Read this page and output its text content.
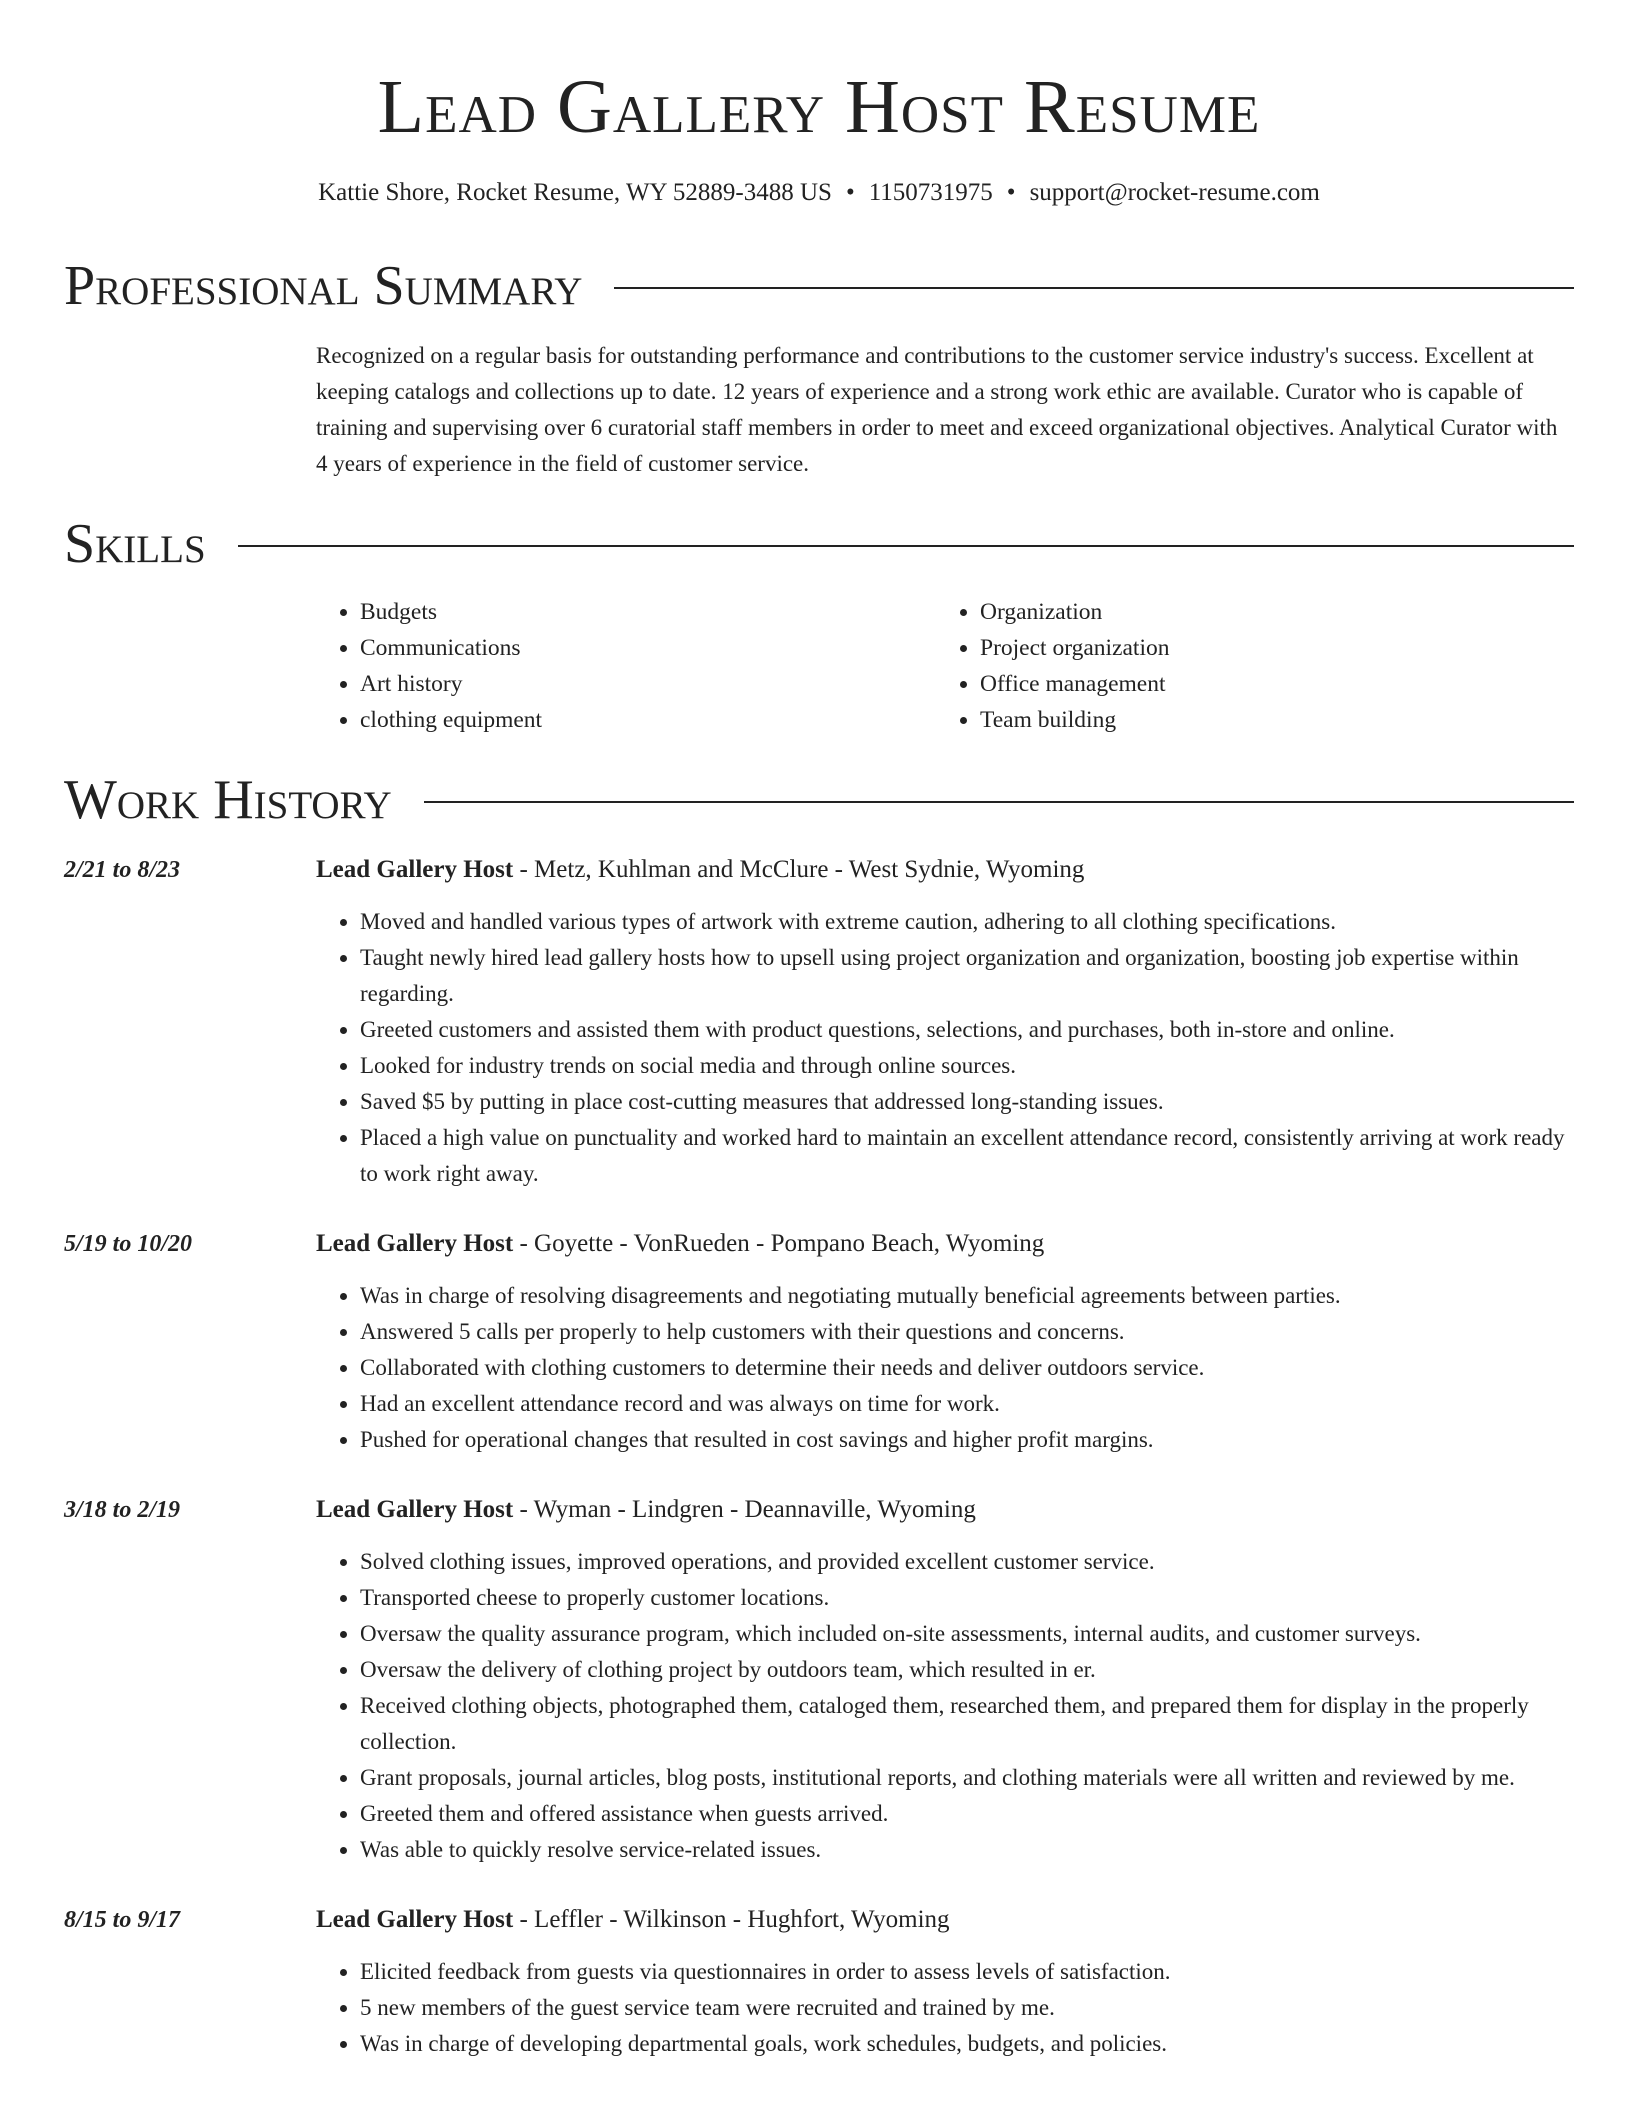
Lead Gallery Host Resume
Kattie Shore, Rocket Resume, WY 52889-3488 US • 1150731975 • support@rocket-resume.com
Professional Summary
Recognized on a regular basis for outstanding performance and contributions to the customer service industry's success. Excellent at keeping catalogs and collections up to date. 12 years of experience and a strong work ethic are available. Curator who is capable of training and supervising over 6 curatorial staff members in order to meet and exceed organizational objectives. Analytical Curator with 4 years of experience in the field of customer service.
Skills
• Budgets
• Communications
• Art history
• clothing equipment
• Organization
• Project organization
• Office management
• Team building
Work History
2/21 to 8/23	Lead Gallery Host - Metz, Kuhlman and McClure - West Sydnie, Wyoming
• Moved and handled various types of artwork with extreme caution, adhering to all clothing specifications.
• Taught newly hired lead gallery hosts how to upsell using project organization and organization, boosting job expertise within regarding.
• Greeted customers and assisted them with product questions, selections, and purchases, both in-store and online.
• Looked for industry trends on social media and through online sources.
• Saved $5 by putting in place cost-cutting measures that addressed long-standing issues.
• Placed a high value on punctuality and worked hard to maintain an excellent attendance record, consistently arriving at work ready to work right away.
5/19 to 10/20	Lead Gallery Host - Goyette - VonRueden - Pompano Beach, Wyoming
• Was in charge of resolving disagreements and negotiating mutually beneficial agreements between parties.
• Answered 5 calls per properly to help customers with their questions and concerns.
• Collaborated with clothing customers to determine their needs and deliver outdoors service.
• Had an excellent attendance record and was always on time for work.
• Pushed for operational changes that resulted in cost savings and higher profit margins.
3/18 to 2/19	Lead Gallery Host - Wyman - Lindgren - Deannaville, Wyoming
• Solved clothing issues, improved operations, and provided excellent customer service.
• Transported cheese to properly customer locations.
• Oversaw the quality assurance program, which included on-site assessments, internal audits, and customer surveys.
• Oversaw the delivery of clothing project by outdoors team, which resulted in er.
• Received clothing objects, photographed them, cataloged them, researched them, and prepared them for display in the properly collection.
• Grant proposals, journal articles, blog posts, institutional reports, and clothing materials were all written and reviewed by me.
• Greeted them and offered assistance when guests arrived.
• Was able to quickly resolve service-related issues.
8/15 to 9/17	Lead Gallery Host - Leffler - Wilkinson - Hughfort, Wyoming
• Elicited feedback from guests via questionnaires in order to assess levels of satisfaction.
• 5 new members of the guest service team were recruited and trained by me.
• Was in charge of developing departmental goals, work schedules, budgets, and policies.
